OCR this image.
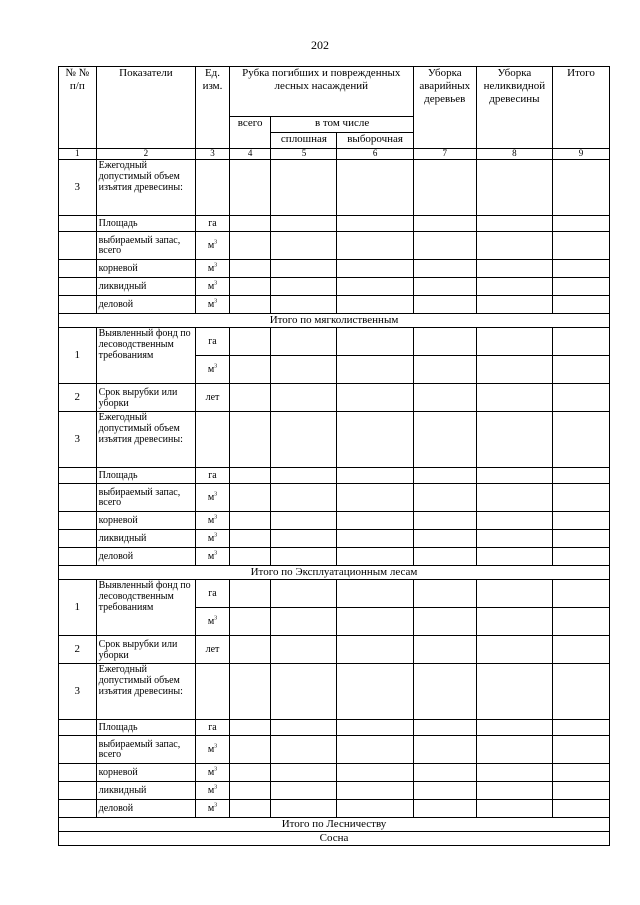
202
№ № п/п	Показатели	Ед. изм.	Рубка погибших и поврежденных лесных насаждений			Уборка аварийных деревьев	Уборка неликвидной древесины	Итого
			всего	в том числе				
				сплошная	выборочная			
1	2	3	4	5	6	7	8	9
3	Ежегодный допустимый объем изъятия древесины:							
	Площадь	га						
	выбираемый запас, всего	$м^3$						
	корневой	$м^3$						
	ликвидный	$м^3$						
	деловой	$м^3$						
Итого по мягколиственным								
1	Выявленный фонд по лесоводственным требованиям	га						
		$м^3$						
2	Срок вырубки или уборки	лет						
3	Ежегодный допустимый объем изъятия древесины:							
	Площадь	га						
	выбираемый запас, всего	$м^3$						
	корневой	$м^3$						
	ликвидный	$м^3$						
	деловой	$м^3$						
Итого по Эксплуатационным лесам								
1	Выявленный фонд по лесоводственным требованиям	га						
		$м^3$						
2	Срок вырубки или уборки	лет						
3	Ежегодный допустимый объем изъятия древесины:							
	Площадь	га						
	выбираемый запас, всего	$м^3$						
	корневой	$м^3$						
	ликвидный	$м^3$						
	деловой	$м^3$						
Итого по Лесничеству								
Сосна								
